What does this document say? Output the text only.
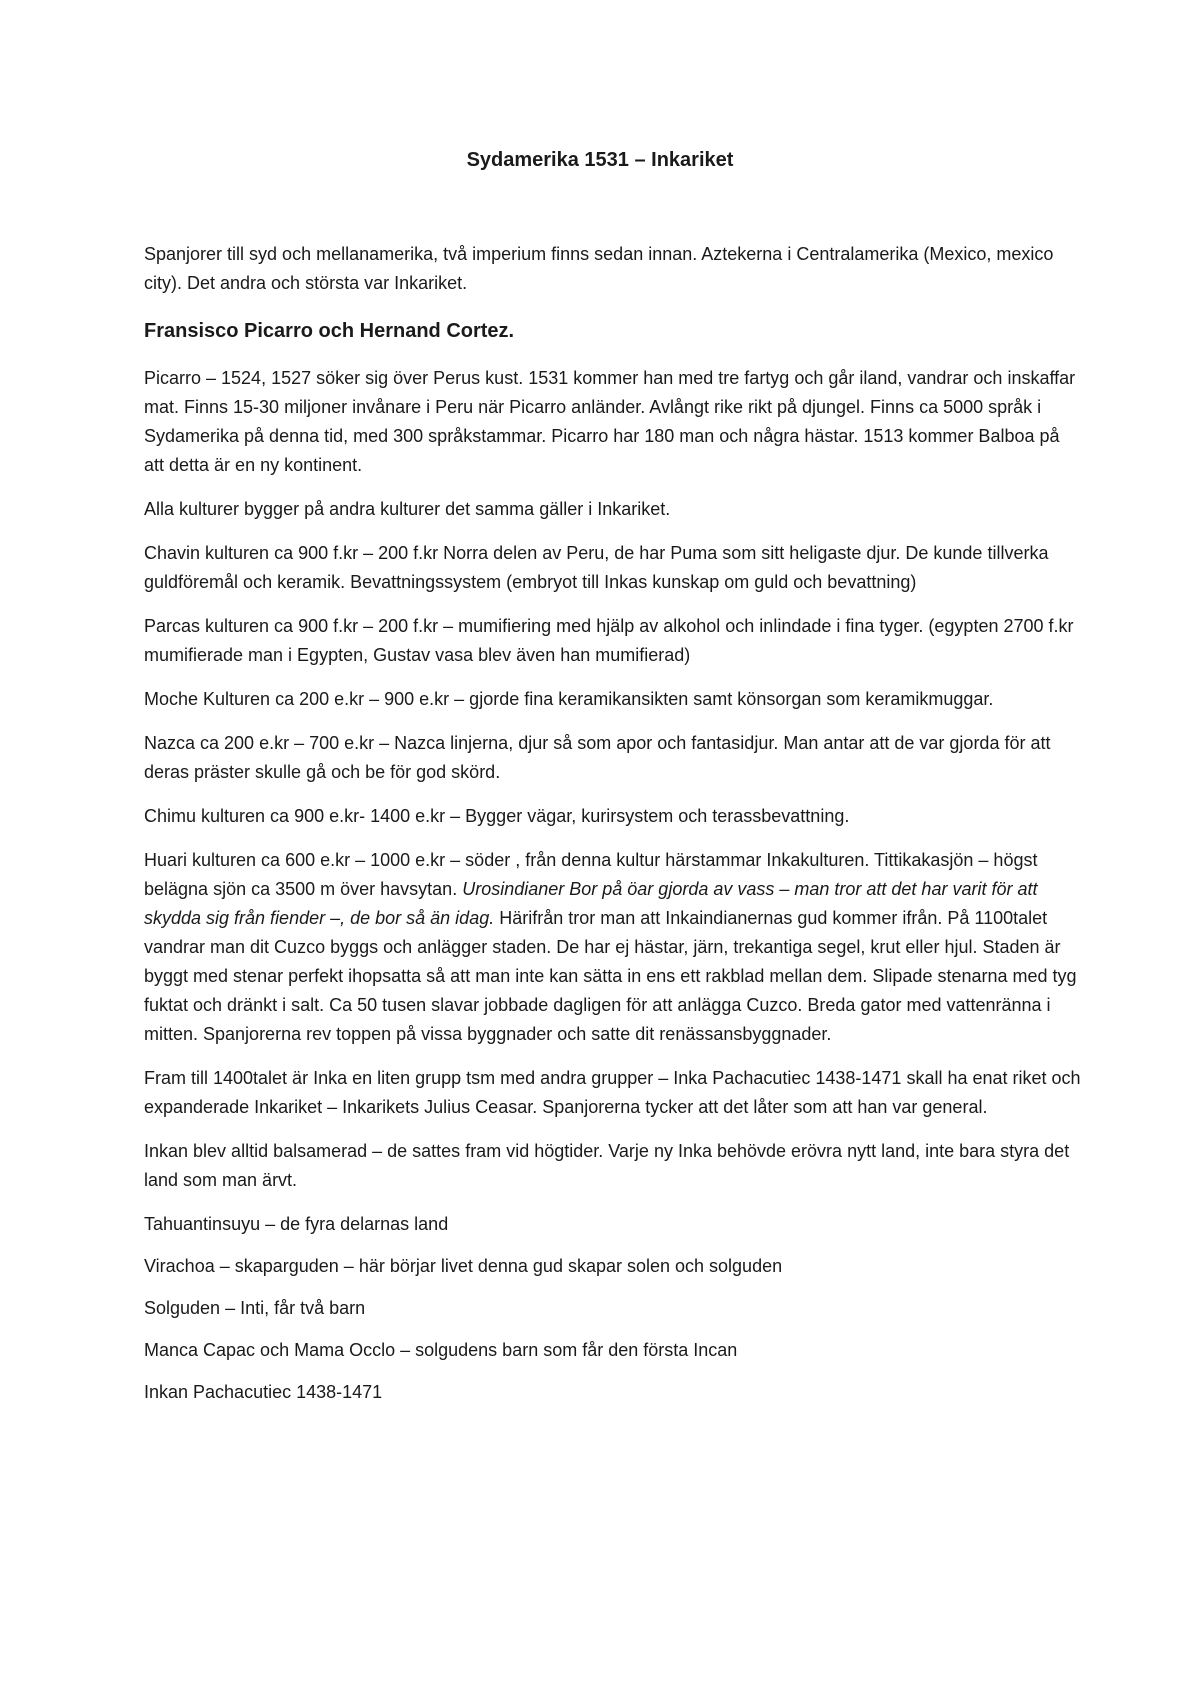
Sydamerika 1531 – Inkariket

Spanjorer till syd och mellanamerika, två imperium finns sedan innan. Aztekerna i Centralamerika (Mexico, mexico city). Det andra och största var Inkariket.

Fransisco Picarro och Hernand Cortez.

Picarro – 1524, 1527 söker sig över Perus kust. 1531 kommer han med tre fartyg och går iland, vandrar och inskaffar mat. Finns 15-30 miljoner invånare i Peru när Picarro anländer. Avlångt rike rikt på djungel. Finns ca 5000 språk i Sydamerika på denna tid, med 300 språkstammar. Picarro har 180 man och några hästar. 1513 kommer Balboa på att detta är en ny kontinent.

Alla kulturer bygger på andra kulturer det samma gäller i Inkariket.

Chavin kulturen ca 900 f.kr – 200 f.kr Norra delen av Peru, de har Puma som sitt heligaste djur. De kunde tillverka guldföremål och keramik. Bevattningssystem (embryot till Inkas kunskap om guld och bevattning)

Parcas kulturen ca 900 f.kr – 200 f.kr – mumifiering med hjälp av alkohol och inlindade i fina tyger. (egypten 2700 f.kr mumifierade man i Egypten, Gustav vasa blev även han mumifierad)

Moche Kulturen ca 200 e.kr – 900 e.kr – gjorde fina keramikansikten samt könsorgan som keramikmuggar.

Nazca ca 200 e.kr – 700 e.kr – Nazca linjerna, djur så som apor och fantasidjur. Man antar att de var gjorda för att deras präster skulle gå och be för god skörd.

Chimu kulturen ca 900 e.kr- 1400 e.kr – Bygger vägar, kurirsystem och terassbevattning.

Huari kulturen ca 600 e.kr – 1000 e.kr – söder , från denna kultur härstammar Inkakulturen. Tittikakasjön – högst belägna sjön ca 3500 m över havsytan. Urosindianer Bor på öar gjorda av vass – man tror att det har varit för att skydda sig från fiender –, de bor så än idag. Härifrån tror man att Inkaindianernas gud kommer ifrån. På 1100talet vandrar man dit Cuzco byggs och anlägger staden. De har ej hästar, järn, trekantiga segel, krut eller hjul. Staden är byggt med stenar perfekt ihopsatta så att man inte kan sätta in ens ett rakblad mellan dem. Slipade stenarna med tyg fuktat och dränkt i salt. Ca 50 tusen slavar jobbade dagligen för att anlägga Cuzco. Breda gator med vattenränna i mitten. Spanjorerna rev toppen på vissa byggnader och satte dit renässansbyggnader.

Fram till 1400talet är Inka en liten grupp tsm med andra grupper – Inka Pachacutiec 1438-1471 skall ha enat riket och expanderade Inkariket – Inkarikets Julius Ceasar. Spanjorerna tycker att det låter som att han var general.

Inkan blev alltid balsamerad – de sattes fram vid högtider. Varje ny Inka behövde erövra nytt land, inte bara styra det land som man ärvt.

Tahuantinsuyu – de fyra delarnas land

Virachoa – skaparguden – här börjar livet denna gud skapar solen och solguden

Solguden – Inti, får två barn

Manca Capac och Mama Occlo – solgudens barn som får den första Incan

Inkan Pachacutiec 1438-1471
